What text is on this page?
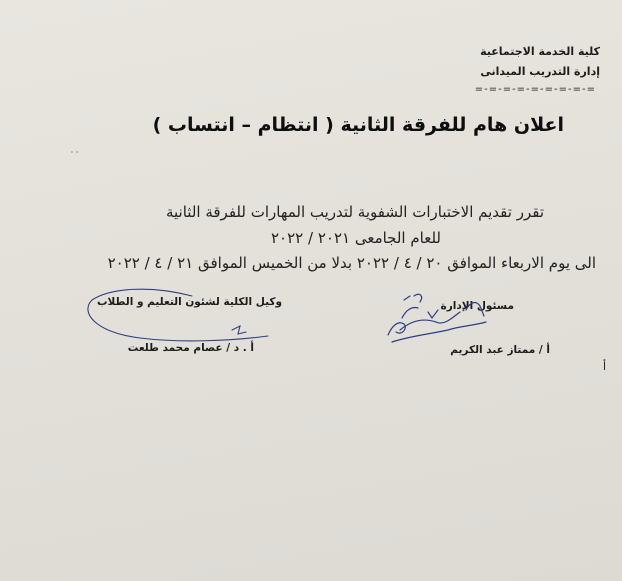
كلية الخدمة الاجتماعية
إدارة التدريب الميدانى
=-=-=-=-=-=-=-=-=
اعلان هام للفرقة الثانية ( انتظام – انتساب )
تقرر تقديم الاختبارات الشفوية لتدريب المهارات للفرقة الثانية
للعام الجامعى ٢٠٢١ / ٢٠٢٢
الى يوم الاربعاء الموافق ٢٠ / ٤ / ٢٠٢٢ بدلا من الخميس الموافق ٢١ / ٤ / ٢٠٢٢
مسئول الإدارة
أ / ممتاز عبد الكريم
وكيل الكلية لشئون التعليم و الطلاب
أ . د / عصام محمد طلعت
أ
